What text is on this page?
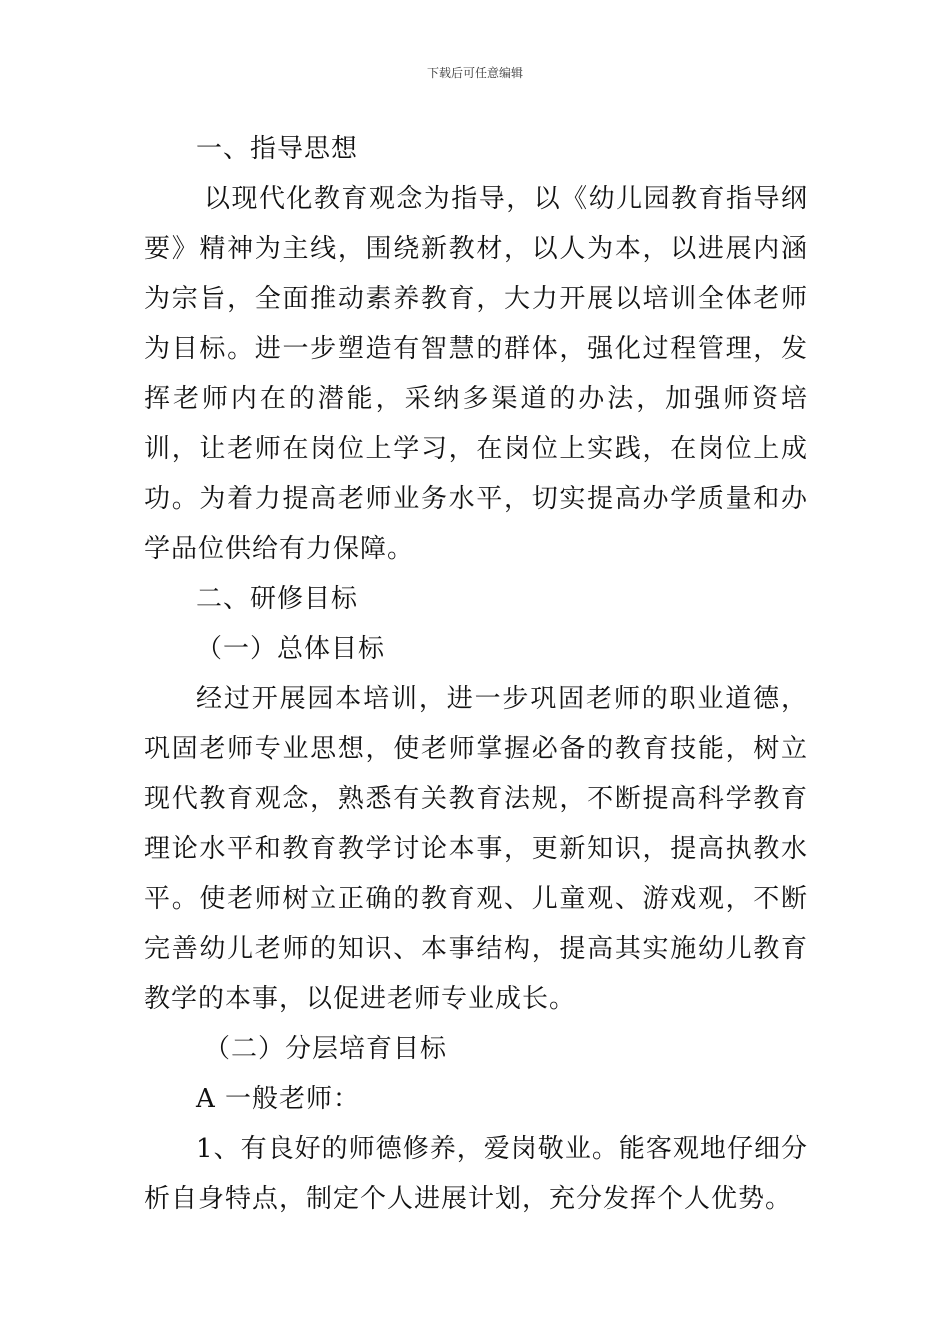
下载后可任意编辑

一、指导思想

以现代化教育观念为指导，以《幼儿园教育指导纲要》精神为主线，围绕新教材，以人为本，以进展内涵为宗旨，全面推动素养教育，大力开展以培训全体老师为目标。进一步塑造有智慧的群体，强化过程管理，发挥老师内在的潜能，采纳多渠道的办法，加强师资培训，让老师在岗位上学习，在岗位上实践，在岗位上成功。为着力提高老师业务水平，切实提高办学质量和办学品位供给有力保障。

二、研修目标

（一）总体目标

经过开展园本培训，进一步巩固老师的职业道德，巩固老师专业思想，使老师掌握必备的教育技能，树立现代教育观念，熟悉有关教育法规，不断提高科学教育理论水平和教育教学讨论本事，更新知识，提高执教水平。使老师树立正确的教育观、儿童观、游戏观，不断完善幼儿老师的知识、本事结构，提高其实施幼儿教育教学的本事，以促进老师专业成长。

（二）分层培育目标

A 一般老师：

1、有良好的师德修养，爱岗敬业。能客观地仔细分析自身特点，制定个人进展计划，充分发挥个人优势。
